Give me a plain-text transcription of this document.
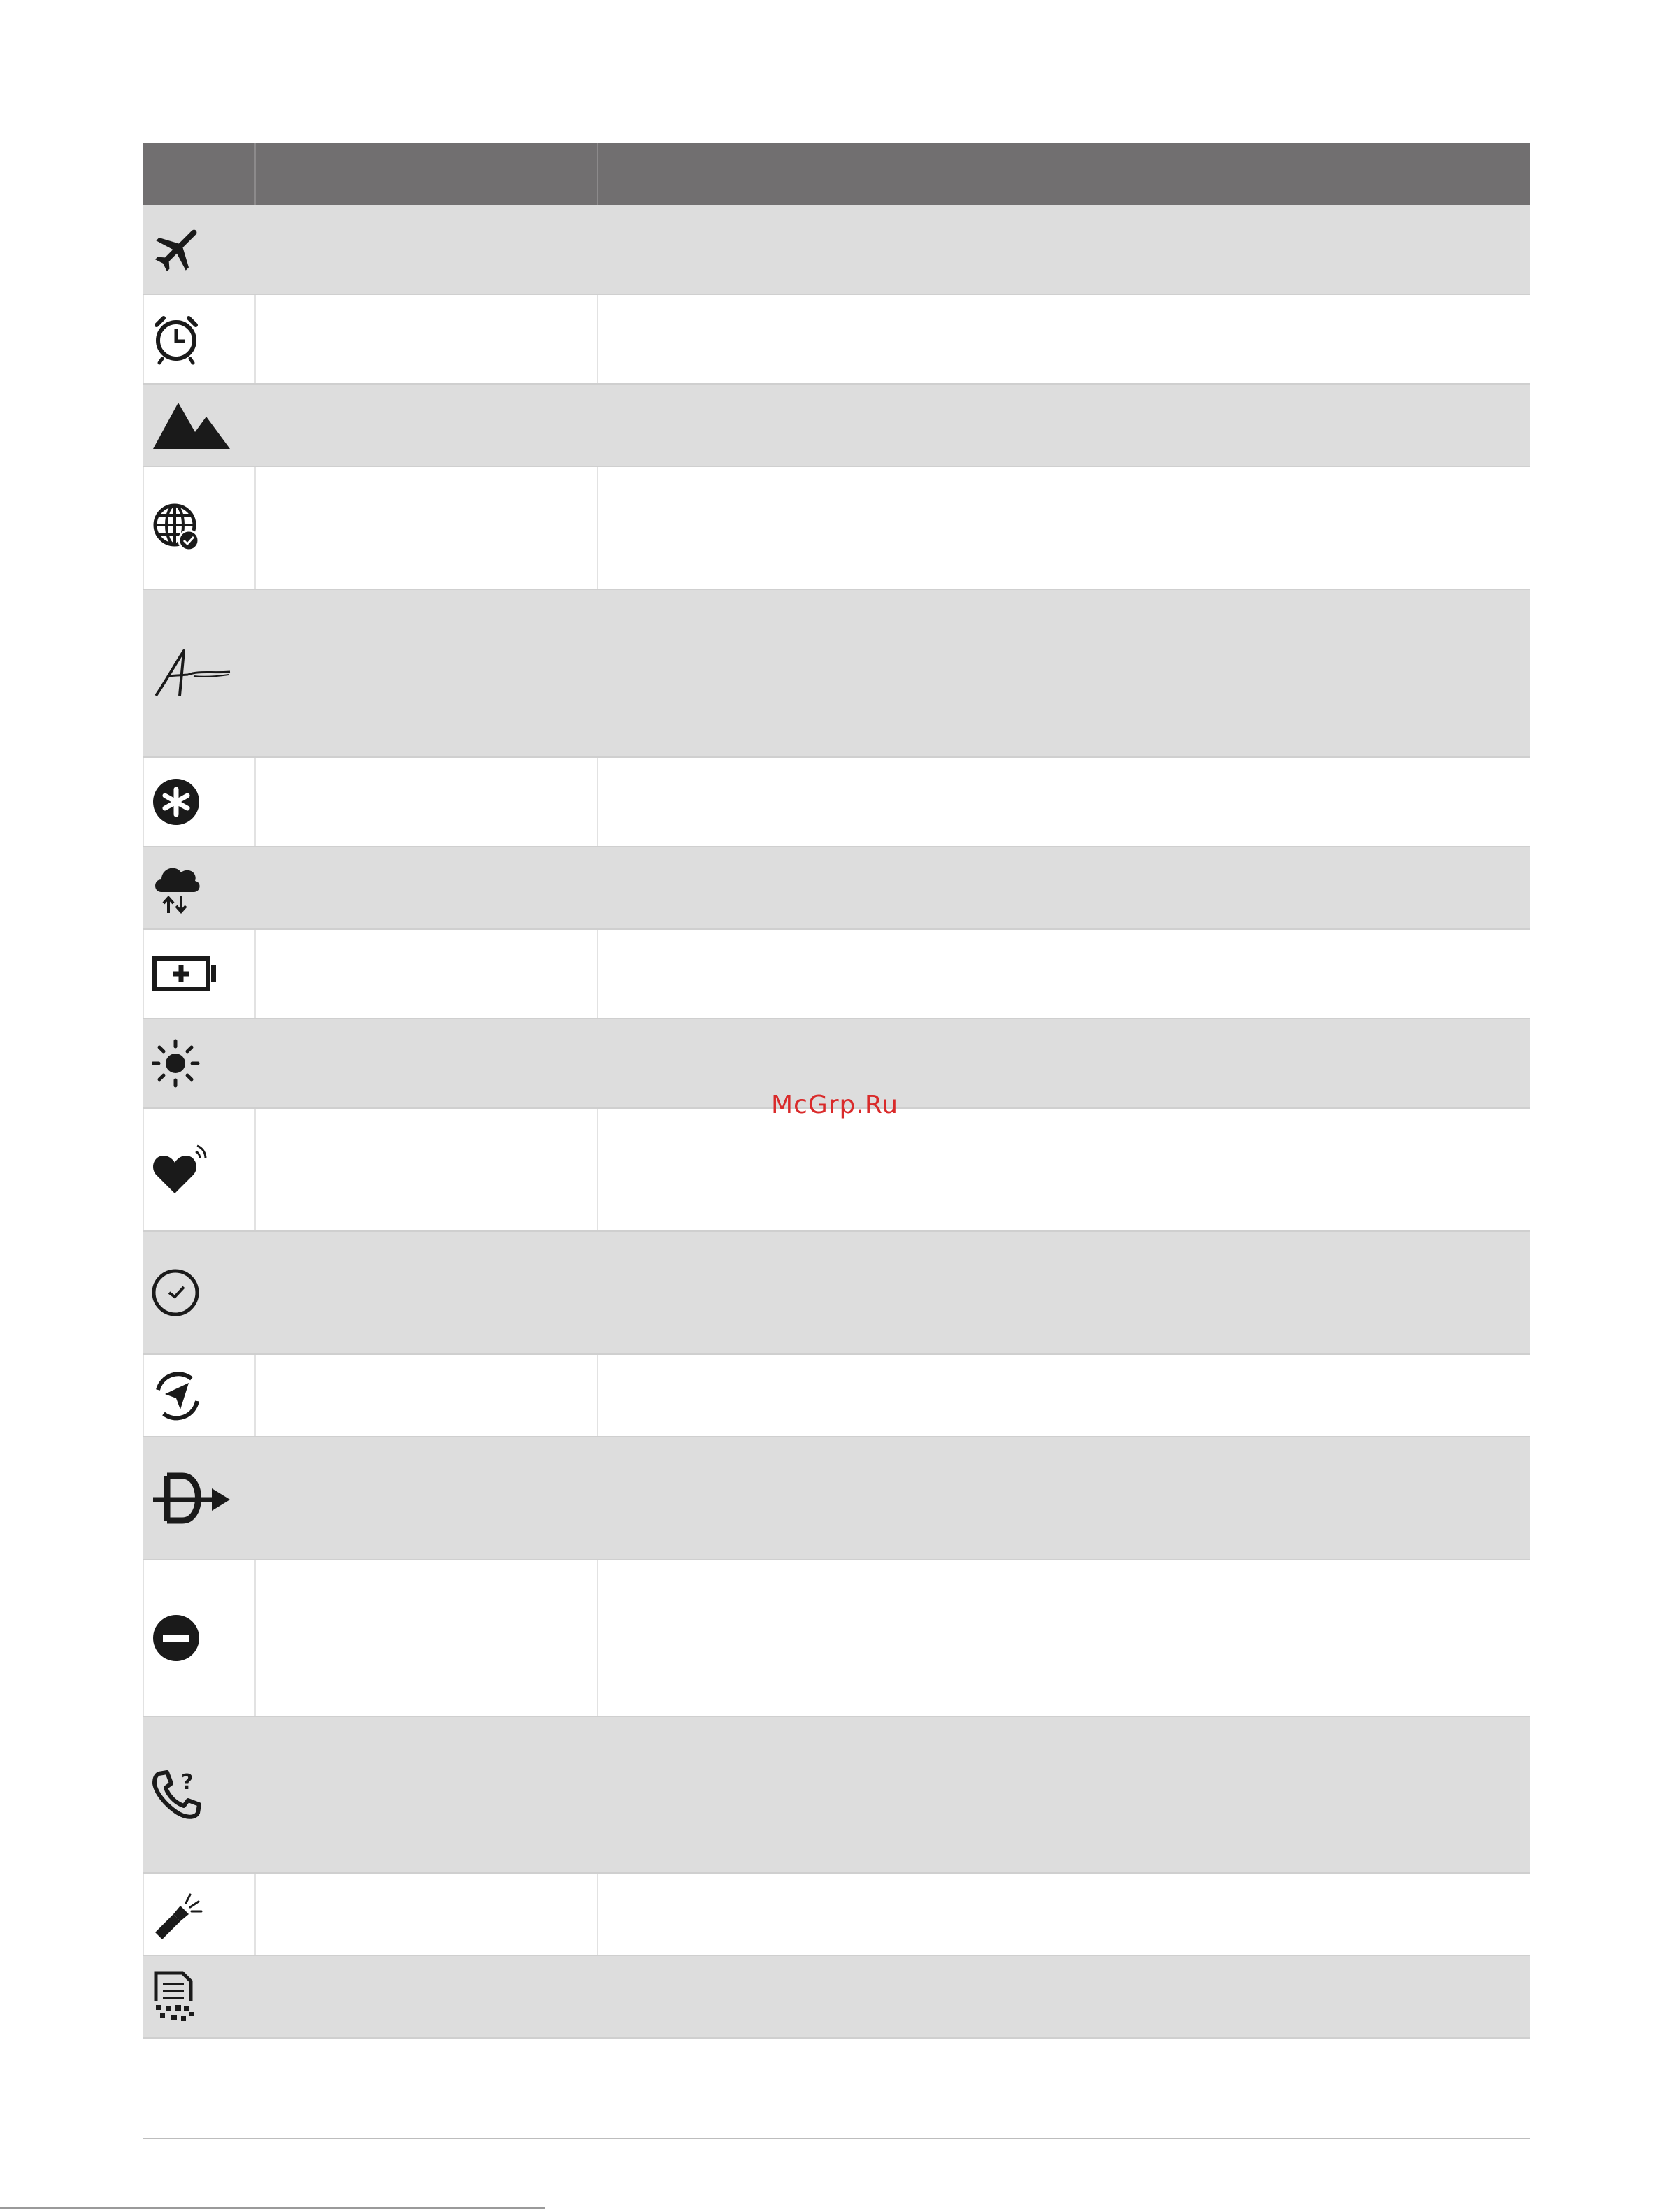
?		

McGrp.Ru
